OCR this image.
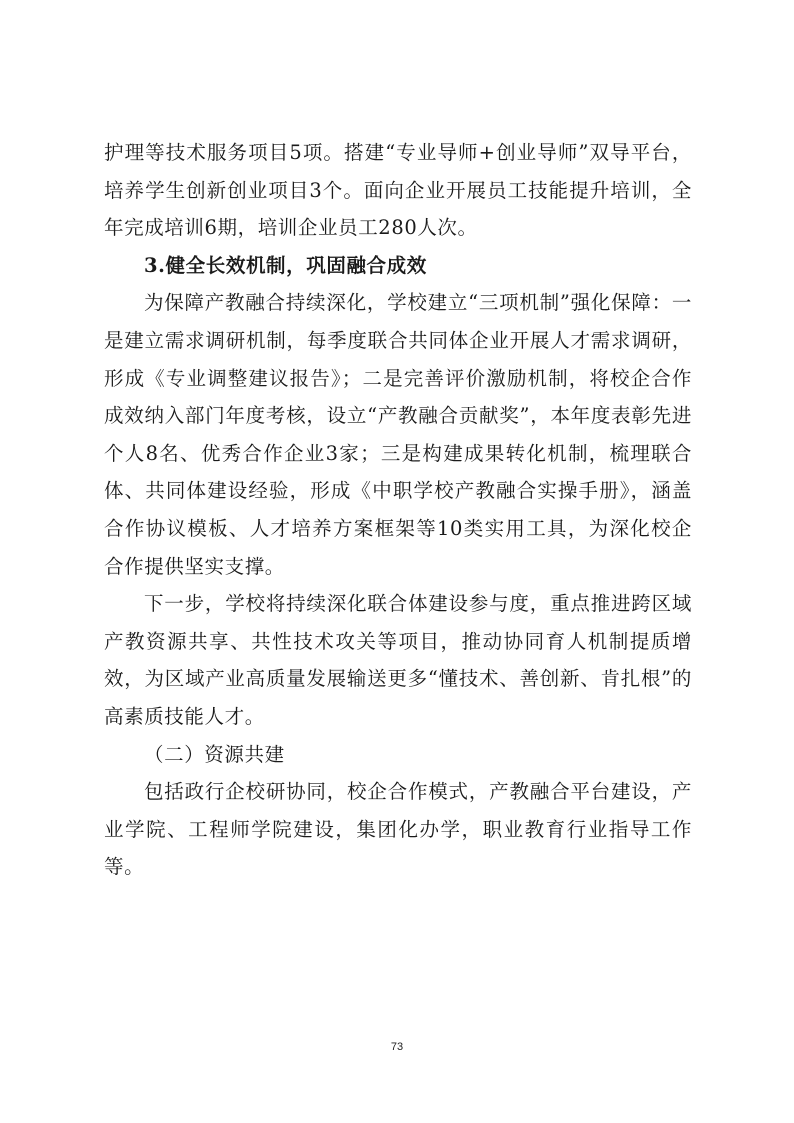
护理等技术服务项目5项。搭建“专业导师+创业导师”双导平台，培养学生创新创业项目3个。面向企业开展员工技能提升培训，全年完成培训6期，培训企业员工280人次。

3.健全长效机制，巩固融合成效

为保障产教融合持续深化，学校建立“三项机制”强化保障：一是建立需求调研机制，每季度联合共同体企业开展人才需求调研，形成《专业调整建议报告》；二是完善评价激励机制，将校企合作成效纳入部门年度考核，设立“产教融合贡献奖”，本年度表彰先进个人8名、优秀合作企业3家；三是构建成果转化机制，梳理联合体、共同体建设经验，形成《中职学校产教融合实操手册》，涵盖合作协议模板、人才培养方案框架等10类实用工具，为深化校企合作提供坚实支撑。

下一步，学校将持续深化联合体建设参与度，重点推进跨区域产教资源共享、共性技术攻关等项目，推动协同育人机制提质增效，为区域产业高质量发展输送更多“懂技术、善创新、肯扎根”的高素质技能人才。

（二）资源共建

包括政行企校研协同，校企合作模式，产教融合平台建设，产业学院、工程师学院建设，集团化办学，职业教育行业指导工作等。

73
